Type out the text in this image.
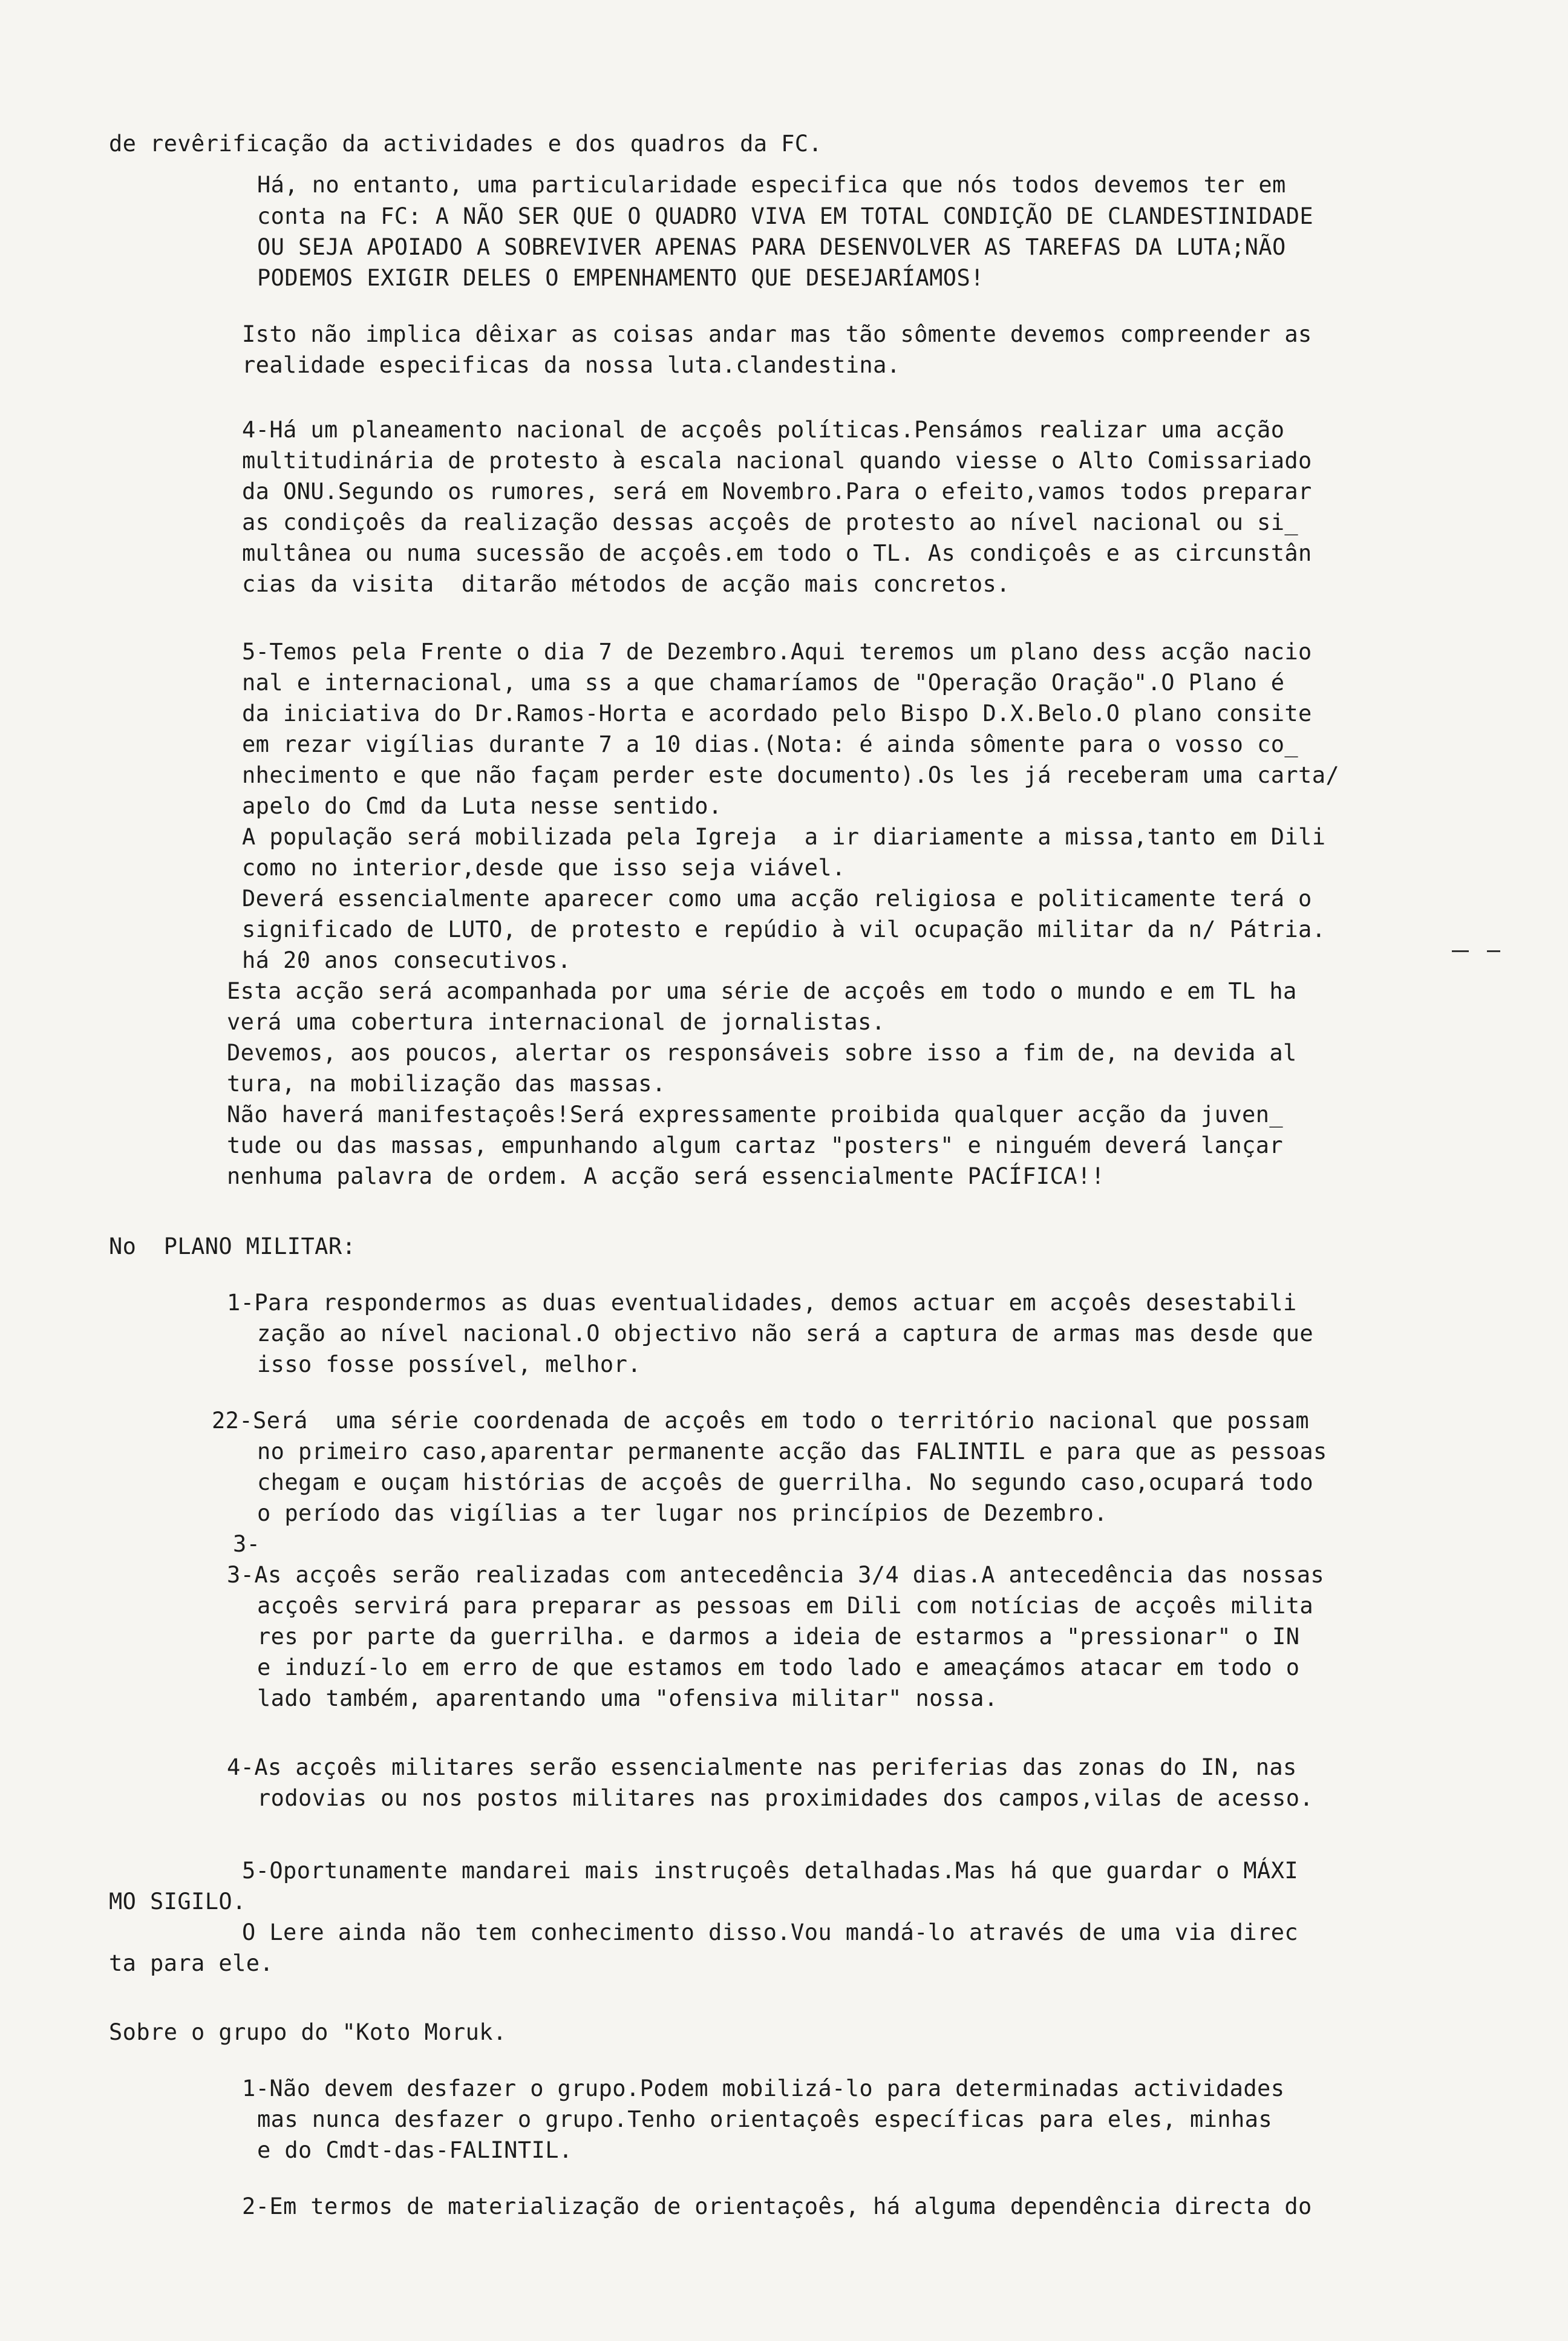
de revêrificação da actividades e dos quadros da FC.
Há, no entanto, uma particularidade especifica que nós todos devemos ter em
conta na FC: A NÃO SER QUE O QUADRO VIVA EM TOTAL CONDIÇÃO DE CLANDESTINIDADE
OU SEJA APOIADO A SOBREVIVER APENAS PARA DESENVOLVER AS TAREFAS DA LUTA;NÃO
PODEMOS EXIGIR DELES O EMPENHAMENTO QUE DESEJARÍAMOS!
Isto não implica dêixar as coisas andar mas tão sômente devemos compreender as
realidade especificas da nossa luta.clandestina.
4-Há um planeamento nacional de acçoês políticas.Pensámos realizar uma acção
multitudinária de protesto à escala nacional quando viesse o Alto Comissariado
da ONU.Segundo os rumores, será em Novembro.Para o efeito,vamos todos preparar
as condiçoês da realização dessas acçoês de protesto ao nível nacional ou si_
multânea ou numa sucessão de acçoês.em todo o TL. As condiçoês e as circunstân
cias da visita  ditarão métodos de acção mais concretos.
5-Temos pela Frente o dia 7 de Dezembro.Aqui teremos um plano dess acção nacio
nal e internacional, uma ss a que chamaríamos de "Operação Oração".O Plano é
da iniciativa do Dr.Ramos-Horta e acordado pelo Bispo D.X.Belo.O plano consite
em rezar vigílias durante 7 a 10 dias.(Nota: é ainda sômente para o vosso co_
nhecimento e que não façam perder este documento).Os les já receberam uma carta/
apelo do Cmd da Luta nesse sentido.
A população será mobilizada pela Igreja  a ir diariamente a missa,tanto em Dili
como no interior,desde que isso seja viável.
Deverá essencialmente aparecer como uma acção religiosa e politicamente terá o
significado de LUTO, de protesto e repúdio à vil ocupação militar da n/ Pátria.
há 20 anos consecutivos.
Esta acção será acompanhada por uma série de acçoês em todo o mundo e em TL ha
verá uma cobertura internacional de jornalistas.
Devemos, aos poucos, alertar os responsáveis sobre isso a fim de, na devida al
tura, na mobilização das massas.
Não haverá manifestaçoês!Será expressamente proibida qualquer acção da juven_
tude ou das massas, empunhando algum cartaz "posters" e ninguém deverá lançar
nenhuma palavra de ordem. A acção será essencialmente PACÍFICA!!
No  PLANO MILITAR:
1-Para respondermos as duas eventualidades, demos actuar em acçoês desestabili
zação ao nível nacional.O objectivo não será a captura de armas mas desde que
isso fosse possível, melhor.
22-Será  uma série coordenada de acçoês em todo o território nacional que possam
no primeiro caso,aparentar permanente acção das FALINTIL e para que as pessoas
chegam e ouçam histórias de acçoês de guerrilha. No segundo caso,ocupará todo
o período das vigílias a ter lugar nos princípios de Dezembro.
3-
3-As acçoês serão realizadas com antecedência 3/4 dias.A antecedência das nossas
acçoês servirá para preparar as pessoas em Dili com notícias de acçoês milita
res por parte da guerrilha. e darmos a ideia de estarmos a "pressionar" o IN
e induzí-lo em erro de que estamos em todo lado e ameaçámos atacar em todo o
lado também, aparentando uma "ofensiva militar" nossa.
4-As acçoês militares serão essencialmente nas periferias das zonas do IN, nas
rodovias ou nos postos militares nas proximidades dos campos,vilas de acesso.
5-Oportunamente mandarei mais instruçoês detalhadas.Mas há que guardar o MÁXI
MO SIGILO.
O Lere ainda não tem conhecimento disso.Vou mandá-lo através de uma via direc
ta para ele.
Sobre o grupo do "Koto Moruk.
1-Não devem desfazer o grupo.Podem mobilizá-lo para determinadas actividades
mas nunca desfazer o grupo.Tenho orientaçoês específicas para eles, minhas
e do Cmdt-das-FALINTIL.
2-Em termos de materialização de orientaçoês, há alguma dependência directa do
